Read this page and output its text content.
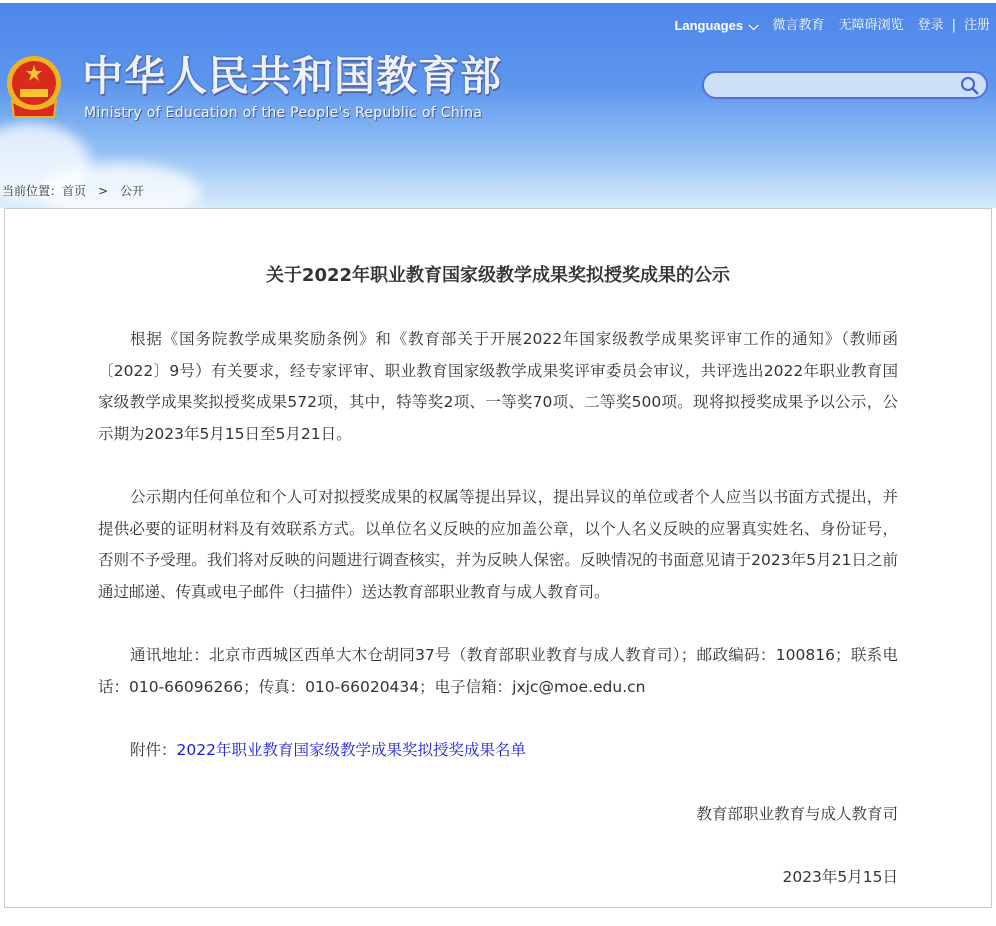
中华人民共和国教育部
Ministry of Education of the People's Republic of China
Languages ⌵ 微言教育 无障碍浏览 登录 | 注册
当前位置：首页 > 公开
关于2022年职业教育国家级教学成果奖拟授奖成果的公示

根据《国务院教学成果奖励条例》和《教育部关于开展2022年国家级教学成果奖评审工作的通知》（教师函〔2022〕9号）有关要求，经专家评审、职业教育国家级教学成果奖评审委员会审议，共评选出2022年职业教育国家级教学成果奖拟授奖成果572项，其中，特等奖2项、一等奖70项、二等奖500项。现将拟授奖成果予以公示，公示期为2023年5月15日至5月21日。

公示期内任何单位和个人可对拟授奖成果的权属等提出异议，提出异议的单位或者个人应当以书面方式提出，并提供必要的证明材料及有效联系方式。以单位名义反映的应加盖公章，以个人名义反映的应署真实姓名、身份证号，否则不予受理。我们将对反映的问题进行调查核实，并为反映人保密。反映情况的书面意见请于2023年5月21日之前通过邮递、传真或电子邮件（扫描件）送达教育部职业教育与成人教育司。

通讯地址：北京市西城区西单大木仓胡同37号（教育部职业教育与成人教育司）；邮政编码：100816；联系电话：010-66096266；传真：010-66020434；电子信箱：jxjc@moe.edu.cn

附件：2022年职业教育国家级教学成果奖拟授奖成果名单

教育部职业教育与成人教育司

2023年5月15日
